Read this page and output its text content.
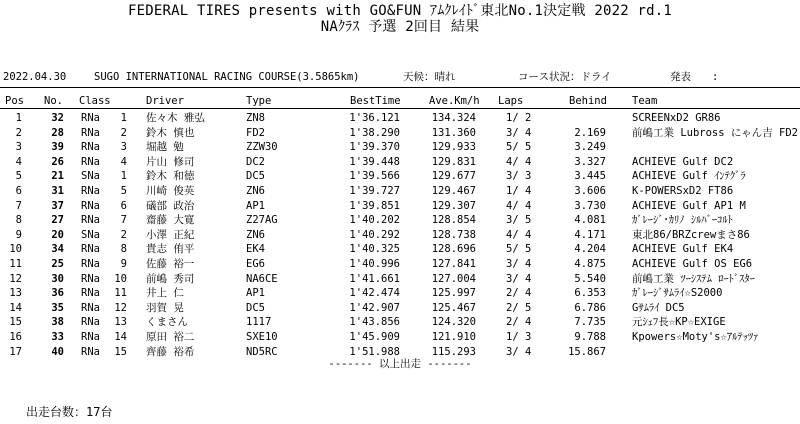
FEDERAL TIRES presents with GO&FUN ｱﾑｸﾚｲﾄﾞ東北No.1決定戦 2022 rd.1
NAｸﾗｽ 予選 2回目 結果
2022.04.30	SUGO INTERNATIONAL RACING COURSE(3.5865km)	天候：晴れ	コース状況：ドライ	発表　　:
Pos No. Class	Driver	Type	BestTime	Ave.Km/h Laps	Behind Team
1	32 RNa	1 佐々木 雅弘	ZN8	1'36.121	134.324	1/ 2	SCREENxD2 GR86
2	28 RNa	2 鈴木 慎也	FD2	1'38.290	131.360	3/ 4	2.169 前嶋工業 Lubross にゃん吉 FD2
3	39 RNa	3 堀越 勉	ZZW30	1'39.370	129.933	5/ 5	3.249
4	26 RNa	4 片山 修司	DC2	1'39.448	129.831	4/ 4	3.327 ACHIEVE Gulf DC2
5	21 SNa	1 鈴木 和徳	DC5	1'39.566	129.677	3/ 3	3.445 ACHIEVE Gulf ｲﾝﾃｸﾞﾗ
6	31 RNa	5 川崎 俊英	ZN6	1'39.727	129.467	1/ 4	3.606 K-POWERSxD2 FT86
7	37 RNa	6 礒部 政治	AP1	1'39.851	129.307	4/ 4	3.730 ACHIEVE Gulf AP1 M
8	27 RNa	7 齋藤 大寛	Z27AG	1'40.202	128.854	3/ 5	4.081 ｶﾞﾚｰｼﾞ･ｶﾘﾉ ｼﾙﾊﾞｰｺﾙﾄ
9	20 SNa	2 小澤 正紀	ZN6	1'40.292	128.738	4/ 4	4.171 東北86/BRZcrewまさ86
10	34 RNa	8 貴志 侑平	EK4	1'40.325	128.696	5/ 5	4.204 ACHIEVE Gulf EK4
11	25 RNa	9 佐藤 裕一	EG6	1'40.996	127.841	3/ 4	4.875 ACHIEVE Gulf OS EG6
12	30 RNa	10 前嶋 秀司	NA6CE	1'41.661	127.004	3/ 4	5.540 前嶋工業 ﾂｰｼｽﾃﾑ ﾛｰﾄﾞｽﾀｰ
13	36 RNa	11 井上 仁	AP1	1'42.474	125.997	2/ 4	6.353 ｶﾞﾚｰｼﾞｻﾑﾗｲ☆S2000
14	35 RNa	12 羽賀 晃	DC5	1'42.907	125.467	2/ 5	6.786 Gｻﾑﾗｲ DC5
15	38 RNa	13 くまさん	1117	1'43.856	124.320	2/ 4	7.735 元ｼｪﾌ長☆KP☆EXIGE
16	33 RNa	14 原田 裕二	SXE10	1'45.909	121.910	1/ 3	9.788 Kpowers☆Moty's☆ｱﾙﾃｯﾂｧ
17	40 RNa	15 齊藤 裕希	ND5RC	1'51.988	115.293	3/ 4	15.867
------- 以上出走 -------
出走台数：17台
